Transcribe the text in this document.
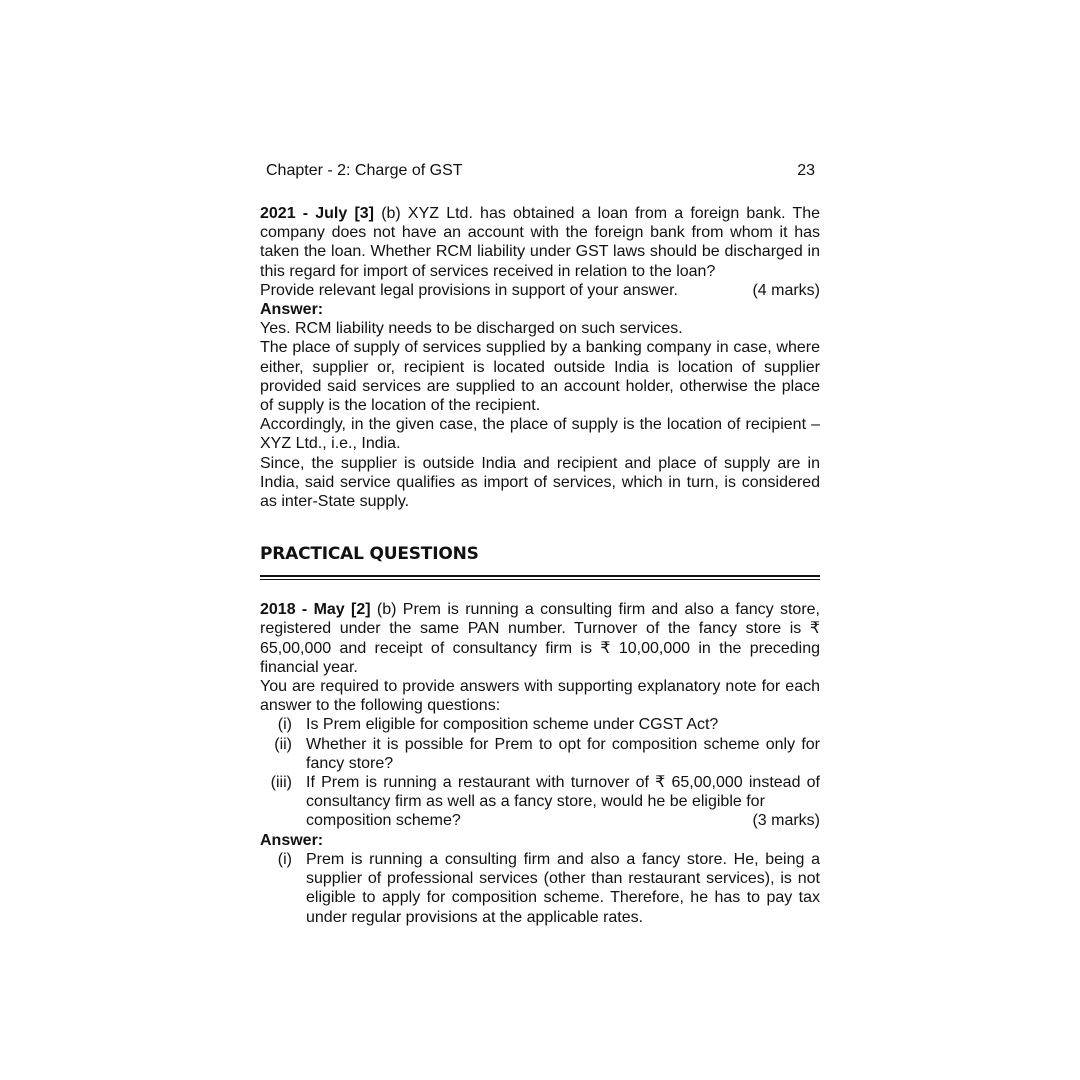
Chapter - 2: Charge of GST	23

2021 - July [3] (b) XYZ Ltd. has obtained a loan from a foreign bank. The company does not have an account with the foreign bank from whom it has taken the loan. Whether RCM liability under GST laws should be discharged in this regard for import of services received in relation to the loan?

Provide relevant legal provisions in support of your answer.	(4 marks)

Answer:

Yes. RCM liability needs to be discharged on such services.

The place of supply of services supplied by a banking company in case, where either, supplier or, recipient is located outside India is location of supplier provided said services are supplied to an account holder, otherwise the place of supply is the location of the recipient.

Accordingly, in the given case, the place of supply is the location of recipient – XYZ Ltd., i.e., India.

Since, the supplier is outside India and recipient and place of supply are in India, said service qualifies as import of services, which in turn, is considered as inter-State supply.

PRACTICAL QUESTIONS

2018 - May [2] (b) Prem is running a consulting firm and also a fancy store, registered under the same PAN number. Turnover of the fancy store is ₹ 65,00,000 and receipt of consultancy firm is ₹ 10,00,000 in the preceding financial year.

You are required to provide answers with supporting explanatory note for each answer to the following questions:

(i) Is Prem eligible for composition scheme under CGST Act?
(ii) Whether it is possible for Prem to opt for composition scheme only for fancy store?
(iii) If Prem is running a restaurant with turnover of ₹ 65,00,000 instead of consultancy firm as well as a fancy store, would he be eligible for
composition scheme?	(3 marks)

Answer:

(i) Prem is running a consulting firm and also a fancy store. He, being a supplier of professional services (other than restaurant services), is not eligible to apply for composition scheme. Therefore, he has to pay tax under regular provisions at the applicable rates.
